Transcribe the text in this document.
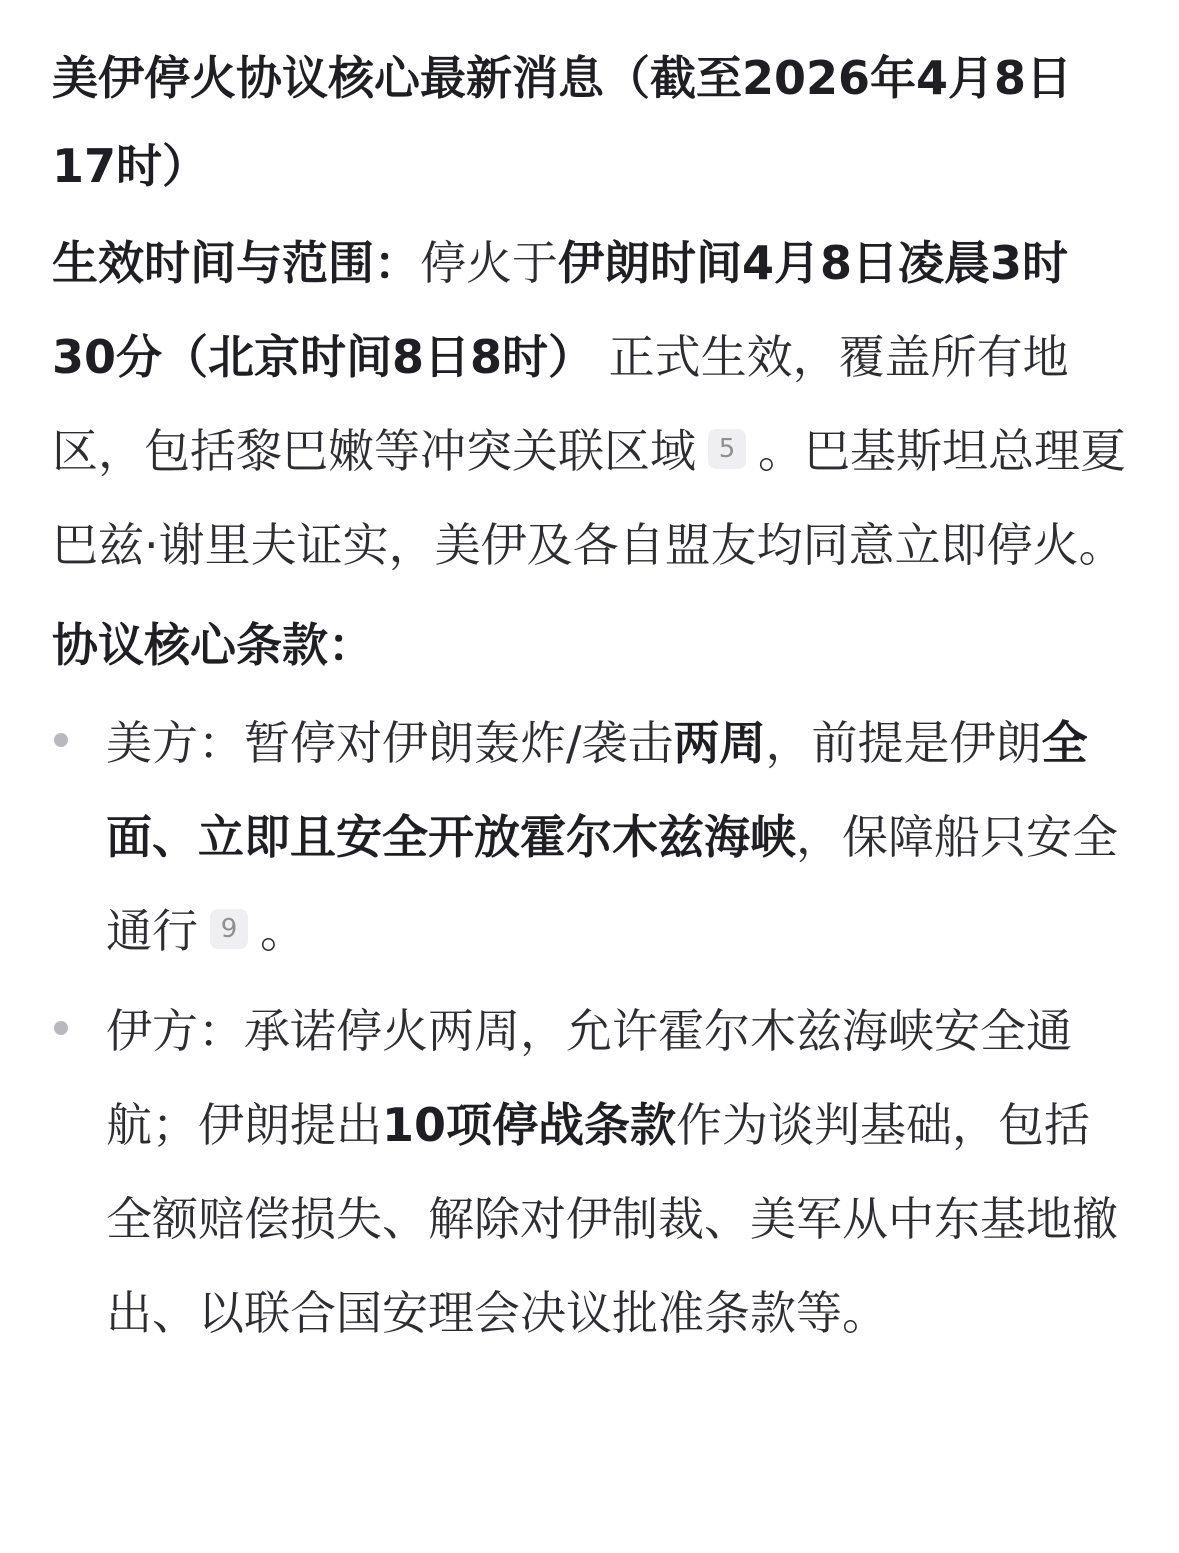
美伊停火协议核心最新消息（截至2026年4月8日17时）

生效时间与范围：停火于伊朗时间4月8日凌晨3时30分（北京时间8日8时） 正式生效，覆盖所有地区，包括黎巴嫩等冲突关联区域 5 。巴基斯坦总理夏巴兹·谢里夫证实，美伊及各自盟友均同意立即停火。

协议核心条款：
美方：暂停对伊朗轰炸/袭击两周，前提是伊朗全面、立即且安全开放霍尔木兹海峡，保障船只安全通行 9 。
伊方：承诺停火两周，允许霍尔木兹海峡安全通航；伊朗提出10项停战条款作为谈判基础，包括全额赔偿损失、解除对伊制裁、美军从中东基地撤出、以联合国安理会决议批准条款等。
